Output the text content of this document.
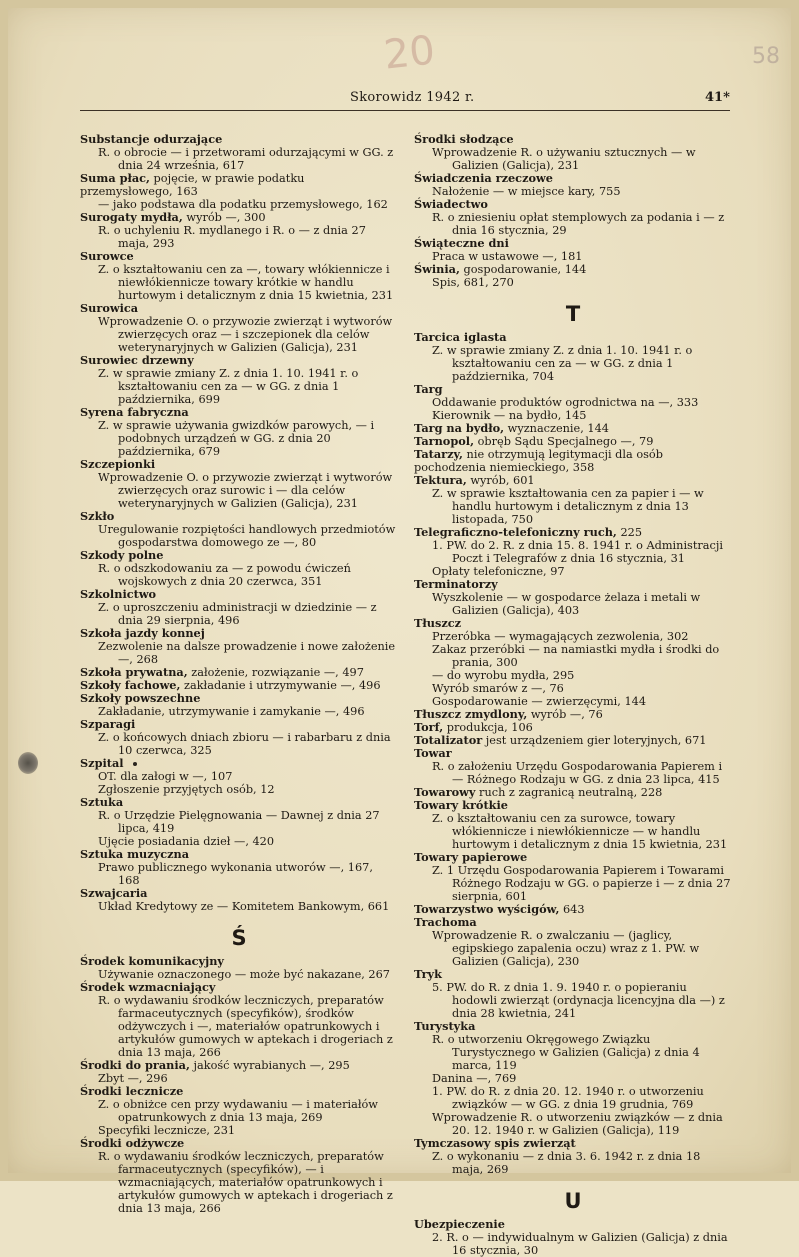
20	58
Skorowidz 1942 r.	41*
Substancje odurzające
R. o obrocie — i przetworami odurzającymi w GG. z dnia 24 września, 617
Suma płac, pojęcie, w prawie podatku przemysłowego, 163
— jako podstawa dla podatku przemysłowego, 162
Surogaty mydła, wyrób —, 300
R. o uchyleniu R. mydlanego i R. o — z dnia 27 maja, 293
Surowce
Z. o kształtowaniu cen za —, towary włókiennicze i niewłókiennicze towary krótkie w handlu hurtowym i detalicznym z dnia 15 kwietnia, 231
Surowica
Wprowadzenie O. o przywozie zwierząt i wytworów zwierzęcych oraz — i szczepionek dla celów weterynaryjnych w Galizien (Galicja), 231
Surowiec drzewny
Z. w sprawie zmiany Z. z dnia 1. 10. 1941 r. o kształtowaniu cen za — w GG. z dnia 1 października, 699
Syrena fabryczna
Z. w sprawie używania gwizdków parowych, — i podobnych urządzeń w GG. z dnia 20 października, 679
Szczepionki
Wprowadzenie O. o przywozie zwierząt i wytworów zwierzęcych oraz surowic i — dla celów weterynaryjnych w Galizien (Galicja), 231
Szkło
Uregulowanie rozpiętości handlowych przedmiotów gospodarstwa domowego ze —, 80
Szkody polne
R. o odszkodowaniu za — z powodu ćwiczeń wojskowych z dnia 20 czerwca, 351
Szkolnictwo
Z. o uproszczeniu administracji w dziedzinie — z dnia 29 sierpnia, 496
Szkoła jazdy konnej
Zezwolenie na dalsze prowadzenie i nowe założenie —, 268
Szkoła prywatna, założenie, rozwiązanie —, 497
Szkoły fachowe, zakładanie i utrzymywanie —, 496
Szkoły powszechne
Zakładanie, utrzymywanie i zamykanie —, 496
Szparagi
Z. o końcowych dniach zbioru — i rabarbaru z dnia 10 czerwca, 325
Szpital
OT. dla załogi w —, 107
Zgłoszenie przyjętych osób, 12
Sztuka
R. o Urzędzie Pielęgnowania — Dawnej z dnia 27 lipca, 419
Ujęcie posiadania dzieł —, 420
Sztuka muzyczna
Prawo publicznego wykonania utworów —, 167, 168
Szwajcaria
Układ Kredytowy ze — Komitetem Bankowym, 661
Ś
Środek komunikacyjny
Używanie oznaczonego — może być nakazane, 267
Środek wzmacniający
R. o wydawaniu środków leczniczych, preparatów farmaceutycznych (specyfików), środków odżywczych i —, materiałów opatrunkowych i artykułów gumowych w aptekach i drogeriach z dnia 13 maja, 266
Środki do prania, jakość wyrabianych —, 295
Zbyt —, 296
Środki lecznicze
Z. o obniżce cen przy wydawaniu — i materiałów opatrunkowych z dnia 13 maja, 269
Specyfiki lecznicze, 231
Środki odżywcze
R. o wydawaniu środków leczniczych, preparatów farmaceutycznych (specyfików), — i wzmacniających, materiałów opatrunkowych i artykułów gumowych w aptekach i drogeriach z dnia 13 maja, 266
Środki słodzące
Wprowadzenie R. o używaniu sztucznych — w Galizien (Galicja), 231
Świadczenia rzeczowe
Nałożenie — w miejsce kary, 755
Świadectwo
R. o zniesieniu opłat stemplowych za podania i — z dnia 16 stycznia, 29
Świąteczne dni
Praca w ustawowe —, 181
Świnia, gospodarowanie, 144
Spis, 681, 270
T
Tarcica iglasta
Z. w sprawie zmiany Z. z dnia 1. 10. 1941 r. o kształtowaniu cen za — w GG. z dnia 1 października, 704
Targ
Oddawanie produktów ogrodnictwa na —, 333
Kierownik — na bydło, 145
Targ na bydło, wyznaczenie, 144
Tarnopol, obręb Sądu Specjalnego —, 79
Tatarzy, nie otrzymują legitymacji dla osób pochodzenia niemieckiego, 358
Tektura, wyrób, 601
Z. w sprawie kształtowania cen za papier i — w handlu hurtowym i detalicznym z dnia 13 listopada, 750
Telegraficzno-telefoniczny ruch, 225
1. PW. do 2. R. z dnia 15. 8. 1941 r. o Administracji Poczt i Telegrafów z dnia 16 stycznia, 31
Opłaty telefoniczne, 97
Terminatorzy
Wyszkolenie — w gospodarce żelaza i metali w Galizien (Galicja), 403
Tłuszcz
Przeróbka — wymagających zezwolenia, 302
Zakaz przeróbki — na namiastki mydła i środki do prania, 300
— do wyrobu mydła, 295
Wyrób smarów z —, 76
Gospodarowanie — zwierzęcymi, 144
Tłuszcz zmydlony, wyrób —, 76
Torf, produkcja, 106
Totalizator jest urządzeniem gier loteryjnych, 671
Towar
R. o założeniu Urzędu Gospodarowania Papierem i — Różnego Rodzaju w GG. z dnia 23 lipca, 415
Towarowy ruch z zagranicą neutralną, 228
Towary krótkie
Z. o kształtowaniu cen za surowce, towary włókiennicze i niewłókiennicze — w handlu hurtowym i detalicznym z dnia 15 kwietnia, 231
Towary papierowe
Z. 1 Urzędu Gospodarowania Papierem i Towarami Różnego Rodzaju w GG. o papierze i — z dnia 27 sierpnia, 601
Towarzystwo wyścigów, 643
Trachoma
Wprowadzenie R. o zwalczaniu — (jaglicy, egipskiego zapalenia oczu) wraz z 1. PW. w Galizien (Galicja), 230
Tryk
5. PW. do R. z dnia 1. 9. 1940 r. o popieraniu hodowli zwierząt (ordynacja licencyjna dla —) z dnia 28 kwietnia, 241
Turystyka
R. o utworzeniu Okręgowego Związku Turystycznego w Galizien (Galicja) z dnia 4 marca, 119
Danina —, 769
1. PW. do R. z dnia 20. 12. 1940 r. o utworzeniu związków — w GG. z dnia 19 grudnia, 769
Wprowadzenie R. o utworzeniu związków — z dnia 20. 12. 1940 r. w Galizien (Galicja), 119
Tymczasowy spis zwierząt
Z. o wykonaniu — z dnia 3. 6. 1942 r. z dnia 18 maja, 269
U
Ubezpieczenie
2. R. o — indywidualnym w Galizien (Galicja) z dnia 16 stycznia, 30
